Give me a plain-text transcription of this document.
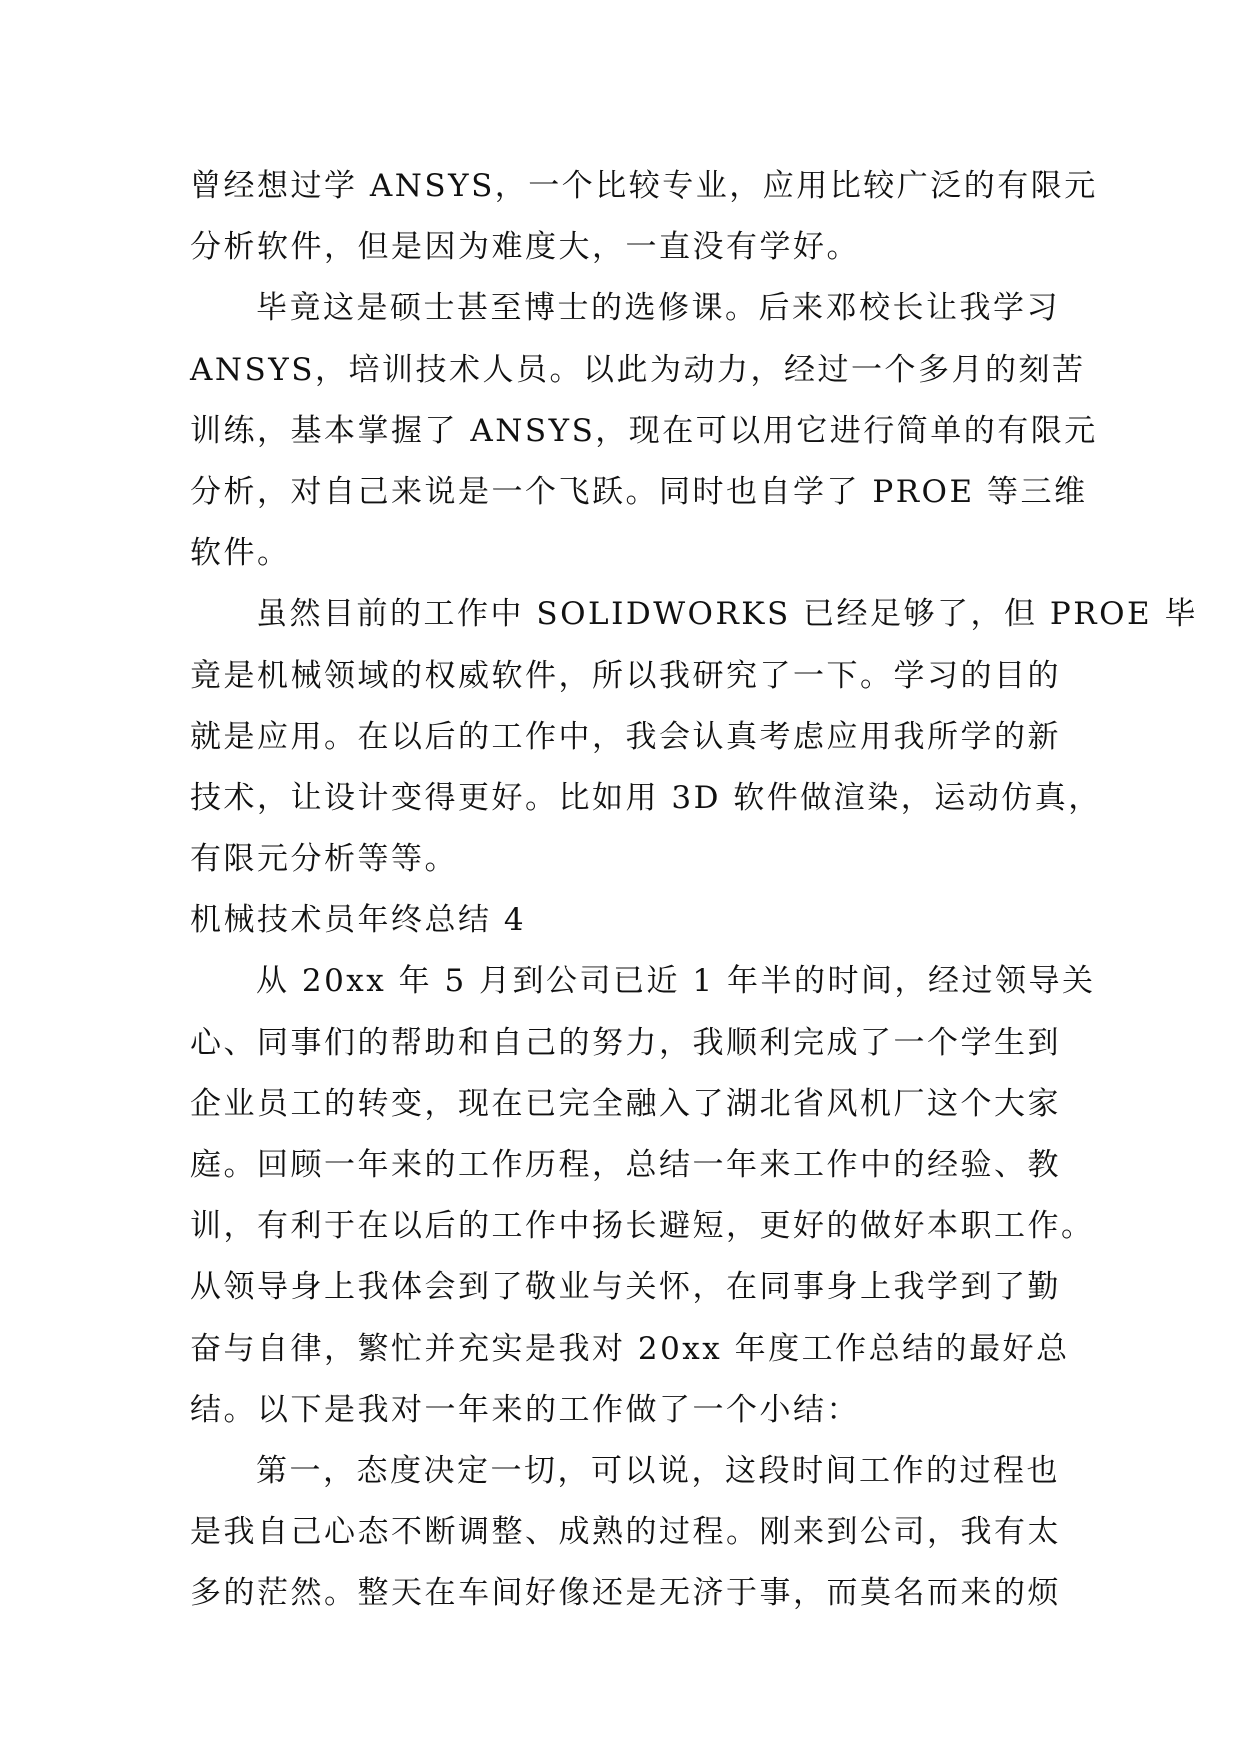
曾经想过学 ANSYS，一个比较专业，应用比较广泛的有限元
分析软件，但是因为难度大，一直没有学好。
毕竟这是硕士甚至博士的选修课。后来邓校长让我学习
ANSYS，培训技术人员。以此为动力，经过一个多月的刻苦
训练，基本掌握了 ANSYS，现在可以用它进行简单的有限元
分析，对自己来说是一个飞跃。同时也自学了 PROE 等三维
软件。
虽然目前的工作中 SOLIDWORKS 已经足够了，但 PROE 毕
竟是机械领域的权威软件，所以我研究了一下。学习的目的
就是应用。在以后的工作中，我会认真考虑应用我所学的新
技术，让设计变得更好。比如用 3D 软件做渲染，运动仿真，
有限元分析等等。
机械技术员年终总结 4
从 20xx 年 5 月到公司已近 1 年半的时间，经过领导关
心、同事们的帮助和自己的努力，我顺利完成了一个学生到
企业员工的转变，现在已完全融入了湖北省风机厂这个大家
庭。回顾一年来的工作历程，总结一年来工作中的经验、教
训，有利于在以后的工作中扬长避短，更好的做好本职工作。
从领导身上我体会到了敬业与关怀，在同事身上我学到了勤
奋与自律，繁忙并充实是我对 20xx 年度工作总结的最好总
结。以下是我对一年来的工作做了一个小结：
第一，态度决定一切，可以说，这段时间工作的过程也
是我自己心态不断调整、成熟的过程。刚来到公司，我有太
多的茫然。整天在车间好像还是无济于事，而莫名而来的烦
